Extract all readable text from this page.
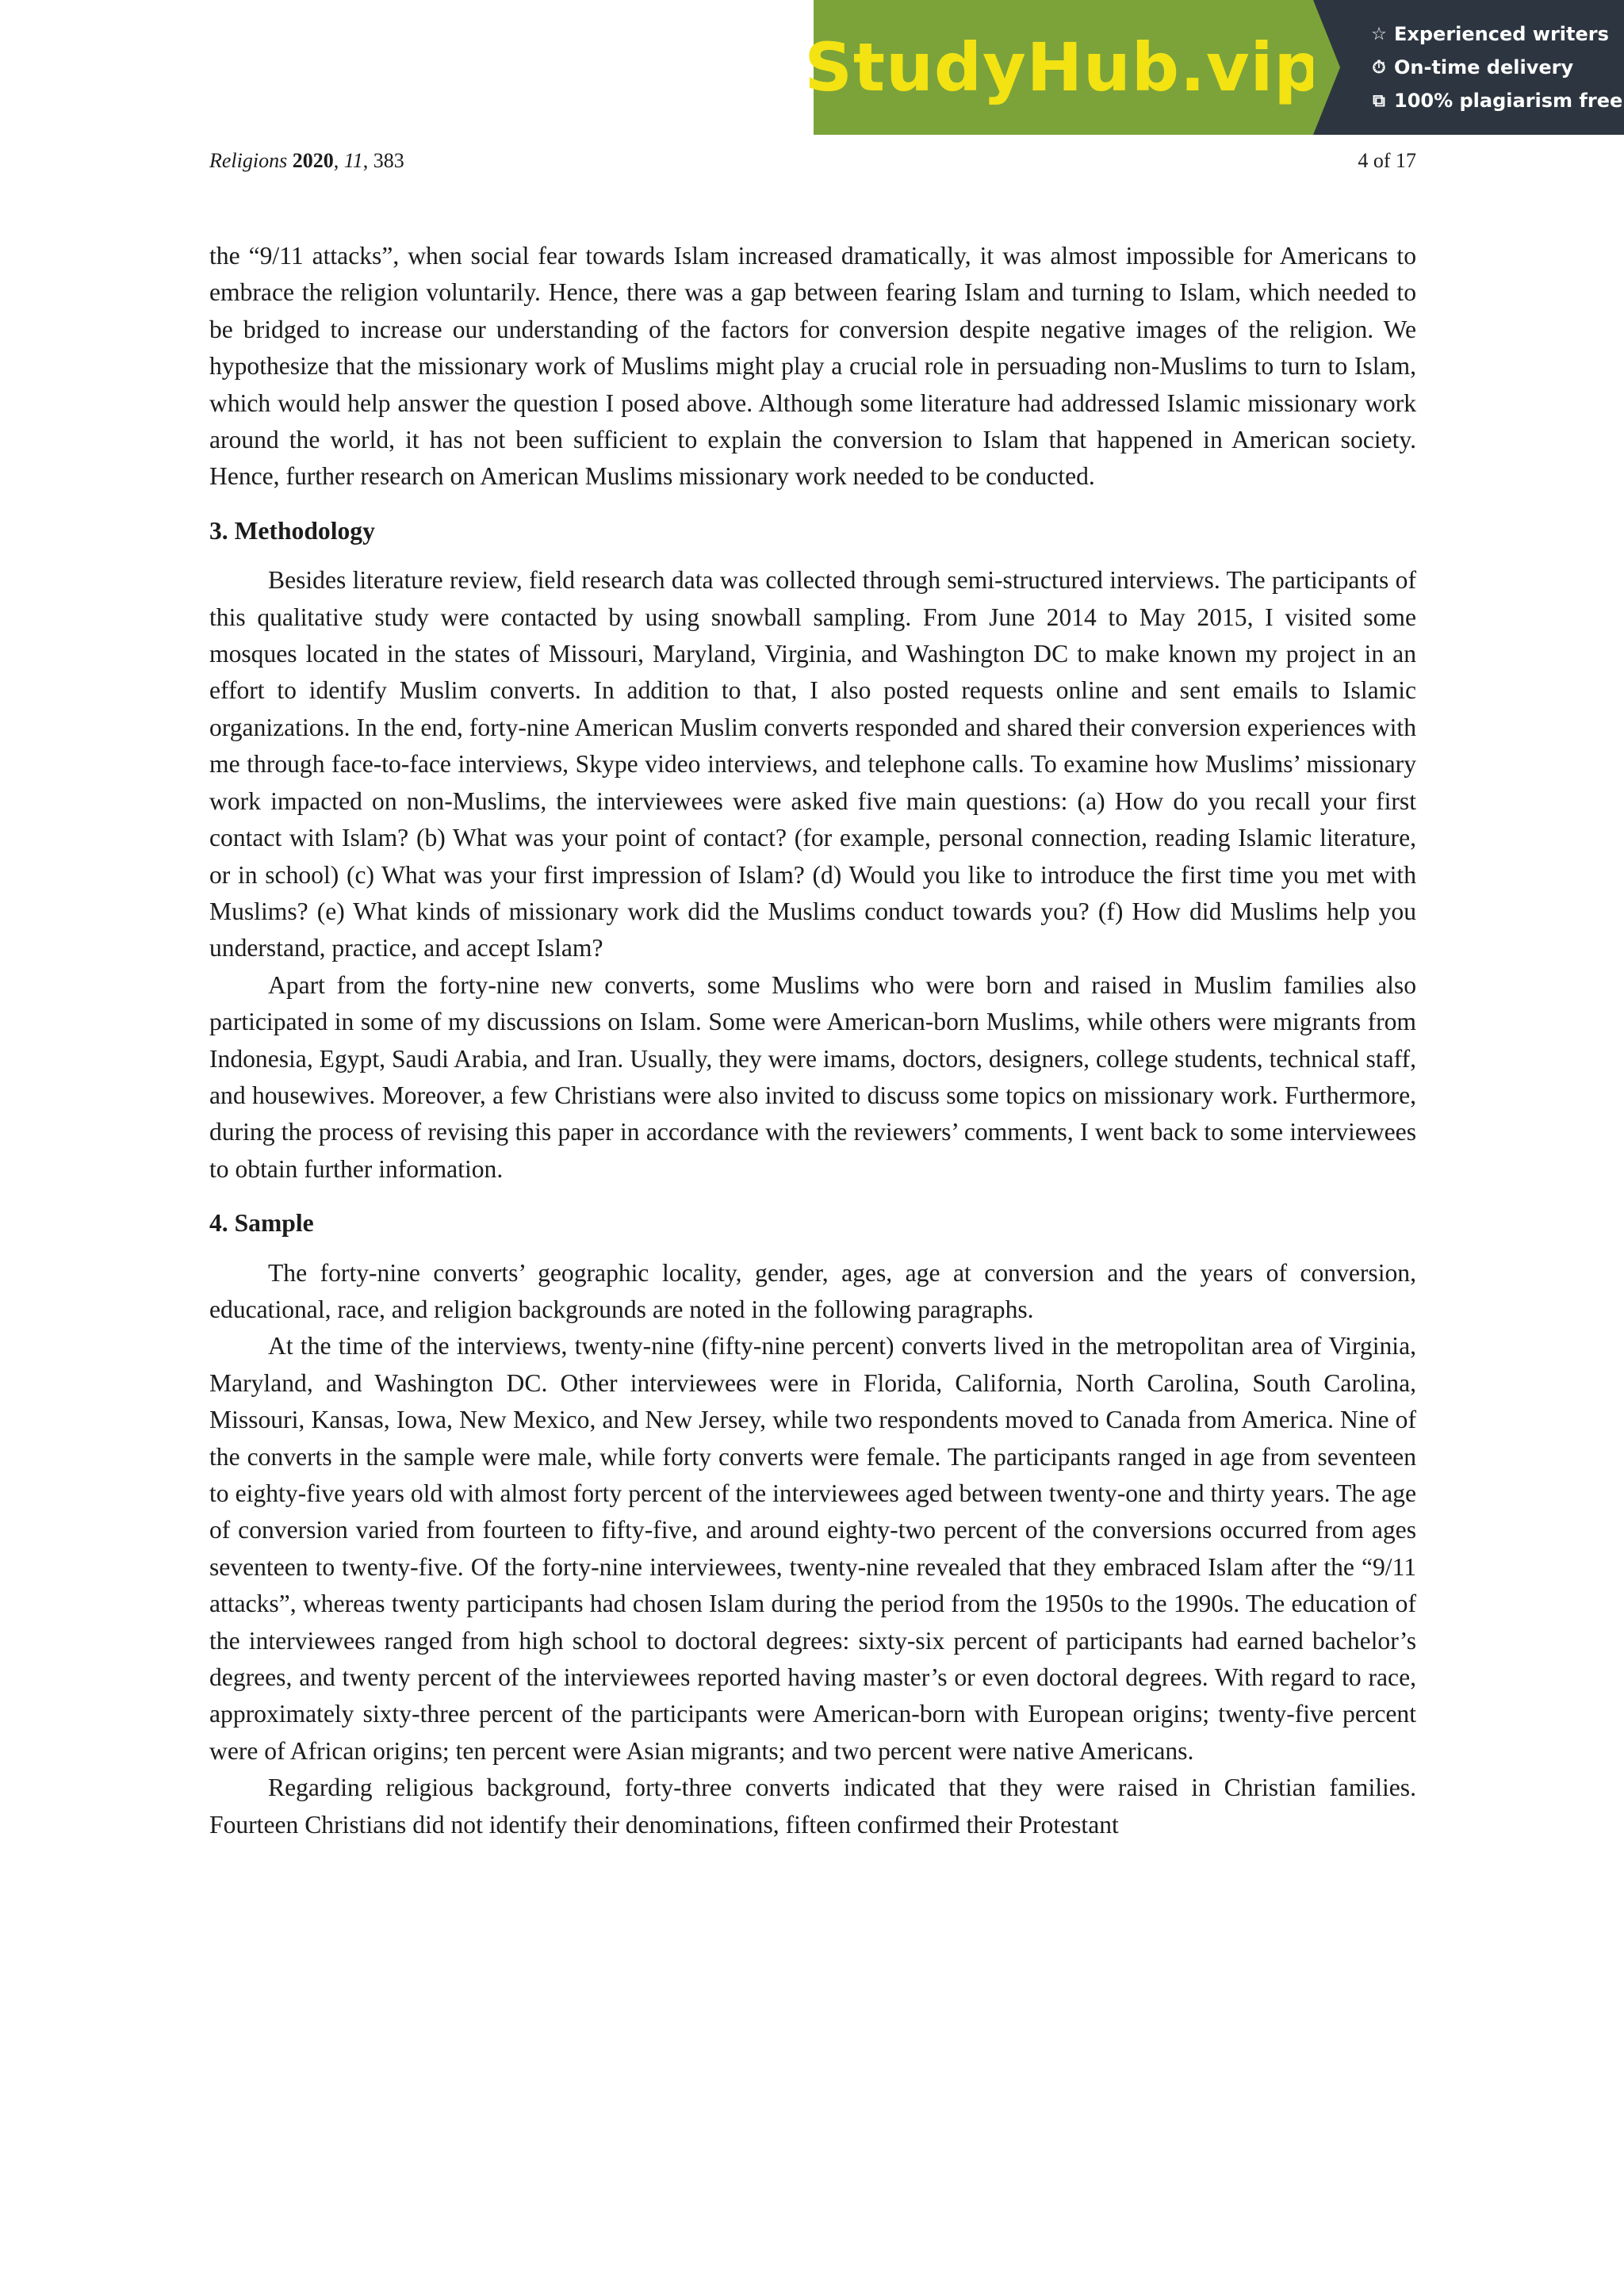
StudyHub.vip	☆ Experienced writers
⏱ On-time delivery
⧉ 100% plagiarism free
Religions 2020, 11, 383	4 of 17

the “9/11 attacks”, when social fear towards Islam increased dramatically, it was almost impossible for Americans to embrace the religion voluntarily. Hence, there was a gap between fearing Islam and turning to Islam, which needed to be bridged to increase our understanding of the factors for conversion despite negative images of the religion. We hypothesize that the missionary work of Muslims might play a crucial role in persuading non-Muslims to turn to Islam, which would help answer the question I posed above. Although some literature had addressed Islamic missionary work around the world, it has not been sufficient to explain the conversion to Islam that happened in American society. Hence, further research on American Muslims missionary work needed to be conducted.

3. Methodology

Besides literature review, field research data was collected through semi-structured interviews. The participants of this qualitative study were contacted by using snowball sampling. From June 2014 to May 2015, I visited some mosques located in the states of Missouri, Maryland, Virginia, and Washington DC to make known my project in an effort to identify Muslim converts. In addition to that, I also posted requests online and sent emails to Islamic organizations. In the end, forty-nine American Muslim converts responded and shared their conversion experiences with me through face-to-face interviews, Skype video interviews, and telephone calls. To examine how Muslims’ missionary work impacted on non-Muslims, the interviewees were asked five main questions: (a) How do you recall your first contact with Islam? (b) What was your point of contact? (for example, personal connection, reading Islamic literature, or in school) (c) What was your first impression of Islam? (d) Would you like to introduce the first time you met with Muslims? (e) What kinds of missionary work did the Muslims conduct towards you? (f) How did Muslims help you understand, practice, and accept Islam?

Apart from the forty-nine new converts, some Muslims who were born and raised in Muslim families also participated in some of my discussions on Islam. Some were American-born Muslims, while others were migrants from Indonesia, Egypt, Saudi Arabia, and Iran. Usually, they were imams, doctors, designers, college students, technical staff, and housewives. Moreover, a few Christians were also invited to discuss some topics on missionary work. Furthermore, during the process of revising this paper in accordance with the reviewers’ comments, I went back to some interviewees to obtain further information.

4. Sample

The forty-nine converts’ geographic locality, gender, ages, age at conversion and the years of conversion, educational, race, and religion backgrounds are noted in the following paragraphs.

At the time of the interviews, twenty-nine (fifty-nine percent) converts lived in the metropolitan area of Virginia, Maryland, and Washington DC. Other interviewees were in Florida, California, North Carolina, South Carolina, Missouri, Kansas, Iowa, New Mexico, and New Jersey, while two respondents moved to Canada from America. Nine of the converts in the sample were male, while forty converts were female. The participants ranged in age from seventeen to eighty-five years old with almost forty percent of the interviewees aged between twenty-one and thirty years. The age of conversion varied from fourteen to fifty-five, and around eighty-two percent of the conversions occurred from ages seventeen to twenty-five. Of the forty-nine interviewees, twenty-nine revealed that they embraced Islam after the “9/11 attacks”, whereas twenty participants had chosen Islam during the period from the 1950s to the 1990s. The education of the interviewees ranged from high school to doctoral degrees: sixty-six percent of participants had earned bachelor’s degrees, and twenty percent of the interviewees reported having master’s or even doctoral degrees. With regard to race, approximately sixty-three percent of the participants were American-born with European origins; twenty-five percent were of African origins; ten percent were Asian migrants; and two percent were native Americans.

Regarding religious background, forty-three converts indicated that they were raised in Christian families. Fourteen Christians did not identify their denominations, fifteen confirmed their Protestant
